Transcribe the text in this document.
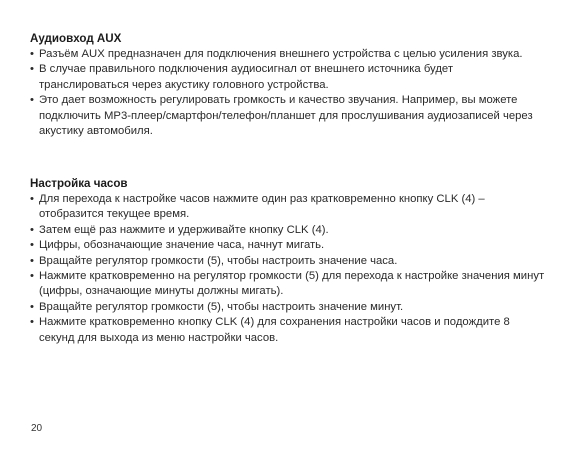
Аудиовход AUX
• Разъём AUX предназначен для подключения внешнего устройства с целью усиления звука.
• В случае правильного подключения аудиосигнал от внешнего источника будет транслироваться через акустику головного устройства.
• Это дает возможность регулировать громкость и качество звучания. Например, вы можете подключить MP3-плеер/смартфон/телефон/планшет для прослушивания аудиозаписей через акустику автомобиля.
Настройка часов
• Для перехода к настройке часов нажмите один раз кратковременно кнопку CLK (4) – отобразится текущее время.
• Затем ещё раз нажмите и удерживайте кнопку CLK (4).
• Цифры, обозначающие значение часа, начнут мигать.
• Вращайте регулятор громкости (5), чтобы настроить значение часа.
• Нажмите кратковременно на регулятор громкости (5) для перехода к настройке значения минут (цифры, означающие минуты должны мигать).
• Вращайте регулятор громкости (5), чтобы настроить значение минут.
• Нажмите кратковременно кнопку CLK (4) для сохранения настройки часов и подождите 8 секунд для выхода из меню настройки часов.
20
